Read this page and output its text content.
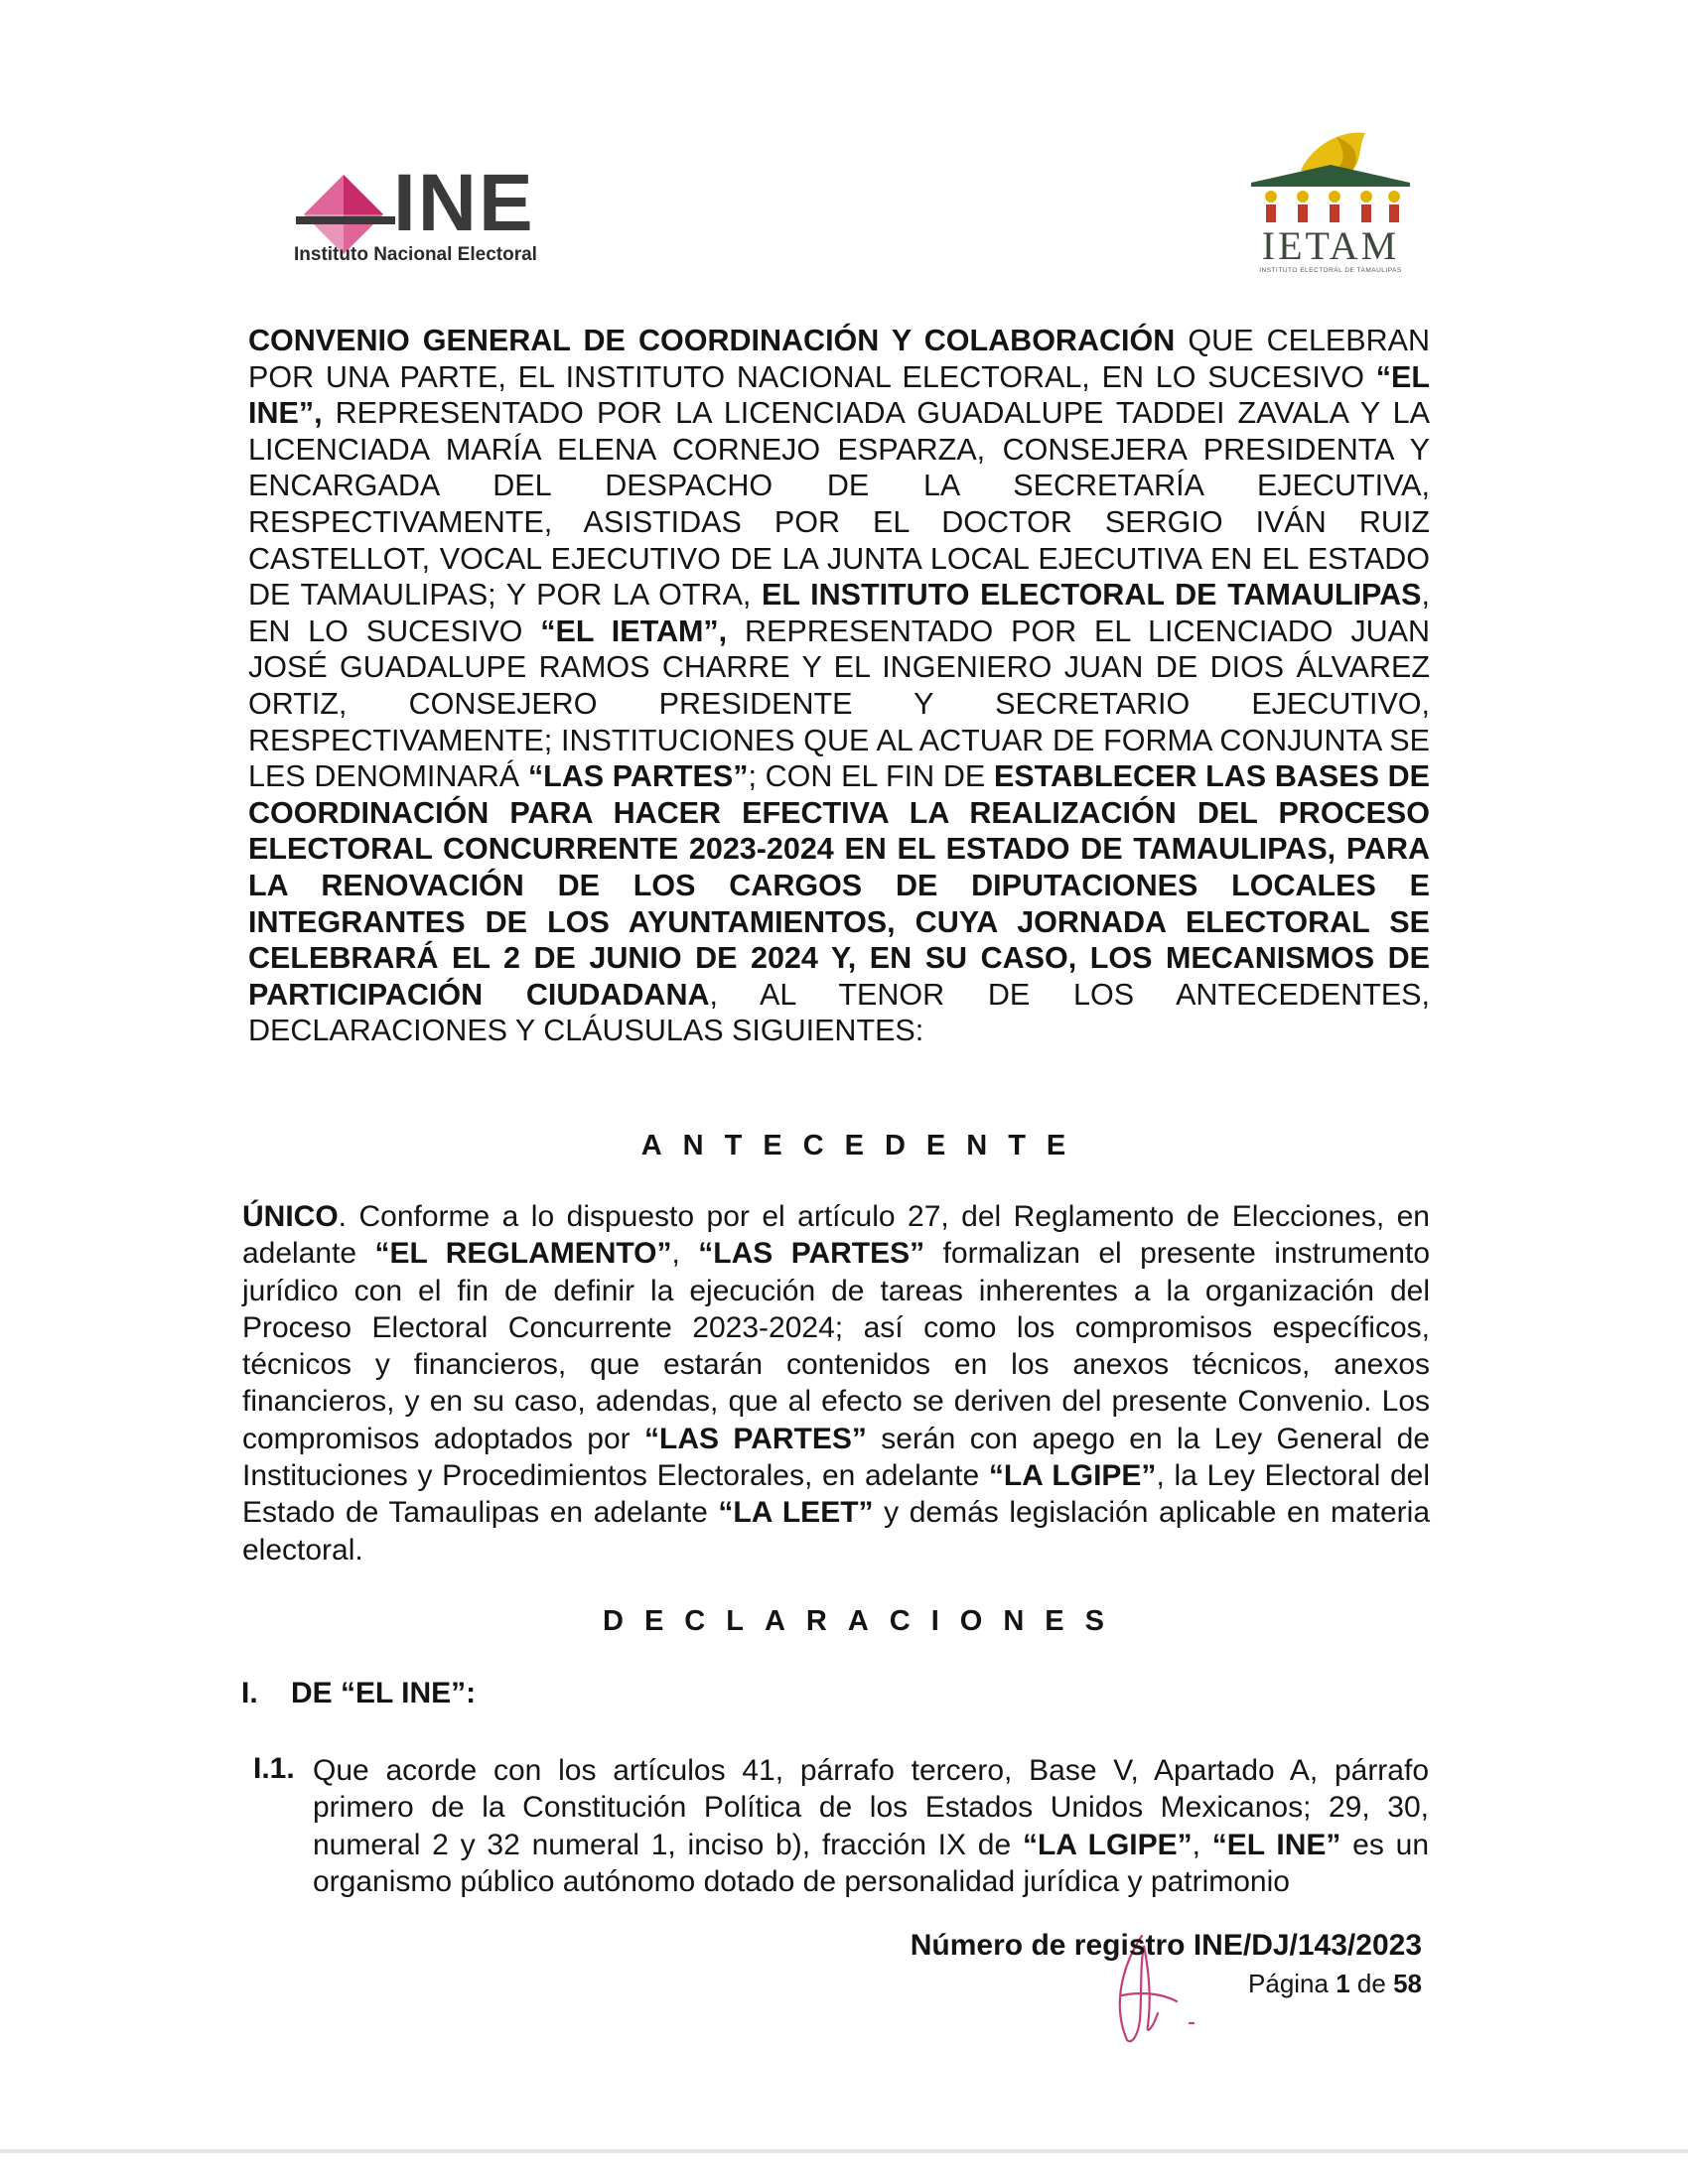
INE
Instituto Nacional Electoral	IETAM
INSTITUTO ELECTORAL DE TAMAULIPAS
CONVENIO GENERAL DE COORDINACIÓN Y COLABORACIÓN QUE CELEBRAN POR UNA PARTE, EL INSTITUTO NACIONAL ELECTORAL, EN LO SUCESIVO “EL INE”, REPRESENTADO POR LA LICENCIADA GUADALUPE TADDEI ZAVALA Y LA LICENCIADA MARÍA ELENA CORNEJO ESPARZA, CONSEJERA PRESIDENTA Y ENCARGADA DEL DESPACHO DE LA SECRETARÍA EJECUTIVA, RESPECTIVAMENTE, ASISTIDAS POR EL DOCTOR SERGIO IVÁN RUIZ CASTELLOT, VOCAL EJECUTIVO DE LA JUNTA LOCAL EJECUTIVA EN EL ESTADO DE TAMAULIPAS; Y POR LA OTRA, EL INSTITUTO ELECTORAL DE TAMAULIPAS, EN LO SUCESIVO “EL IETAM”, REPRESENTADO POR EL LICENCIADO JUAN JOSÉ GUADALUPE RAMOS CHARRE Y EL INGENIERO JUAN DE DIOS ÁLVAREZ ORTIZ, CONSEJERO PRESIDENTE Y SECRETARIO EJECUTIVO, RESPECTIVAMENTE; INSTITUCIONES QUE AL ACTUAR DE FORMA CONJUNTA SE LES DENOMINARÁ “LAS PARTES”; CON EL FIN DE ESTABLECER LAS BASES DE COORDINACIÓN PARA HACER EFECTIVA LA REALIZACIÓN DEL PROCESO ELECTORAL CONCURRENTE 2023-2024 EN EL ESTADO DE TAMAULIPAS, PARA LA RENOVACIÓN DE LOS CARGOS DE DIPUTACIONES LOCALES E INTEGRANTES DE LOS AYUNTAMIENTOS, CUYA JORNADA ELECTORAL SE CELEBRARÁ EL 2 DE JUNIO DE 2024 Y, EN SU CASO, LOS MECANISMOS DE PARTICIPACIÓN CIUDADANA, AL TENOR DE LOS ANTECEDENTES, DECLARACIONES Y CLÁUSULAS SIGUIENTES:
ANTECEDENTE
ÚNICO. Conforme a lo dispuesto por el artículo 27, del Reglamento de Elecciones, en adelante “EL REGLAMENTO”, “LAS PARTES” formalizan el presente instrumento jurídico con el fin de definir la ejecución de tareas inherentes a la organización del Proceso Electoral Concurrente 2023-2024; así como los compromisos específicos, técnicos y financieros, que estarán contenidos en los anexos técnicos, anexos financieros, y en su caso, adendas, que al efecto se deriven del presente Convenio. Los compromisos adoptados por “LAS PARTES” serán con apego en la Ley General de Instituciones y Procedimientos Electorales, en adelante “LA LGIPE”, la Ley Electoral del Estado de Tamaulipas en adelante “LA LEET” y demás legislación aplicable en materia electoral.
DECLARACIONES
I. DE “EL INE”:
I.1. Que acorde con los artículos 41, párrafo tercero, Base V, Apartado A, párrafo primero de la Constitución Política de los Estados Unidos Mexicanos; 29, 30, numeral 2 y 32 numeral 1, inciso b), fracción IX de “LA LGIPE”, “EL INE” es un organismo público autónomo dotado de personalidad jurídica y patrimonio
Número de registro INE/DJ/143/2023
Página 1 de 58
